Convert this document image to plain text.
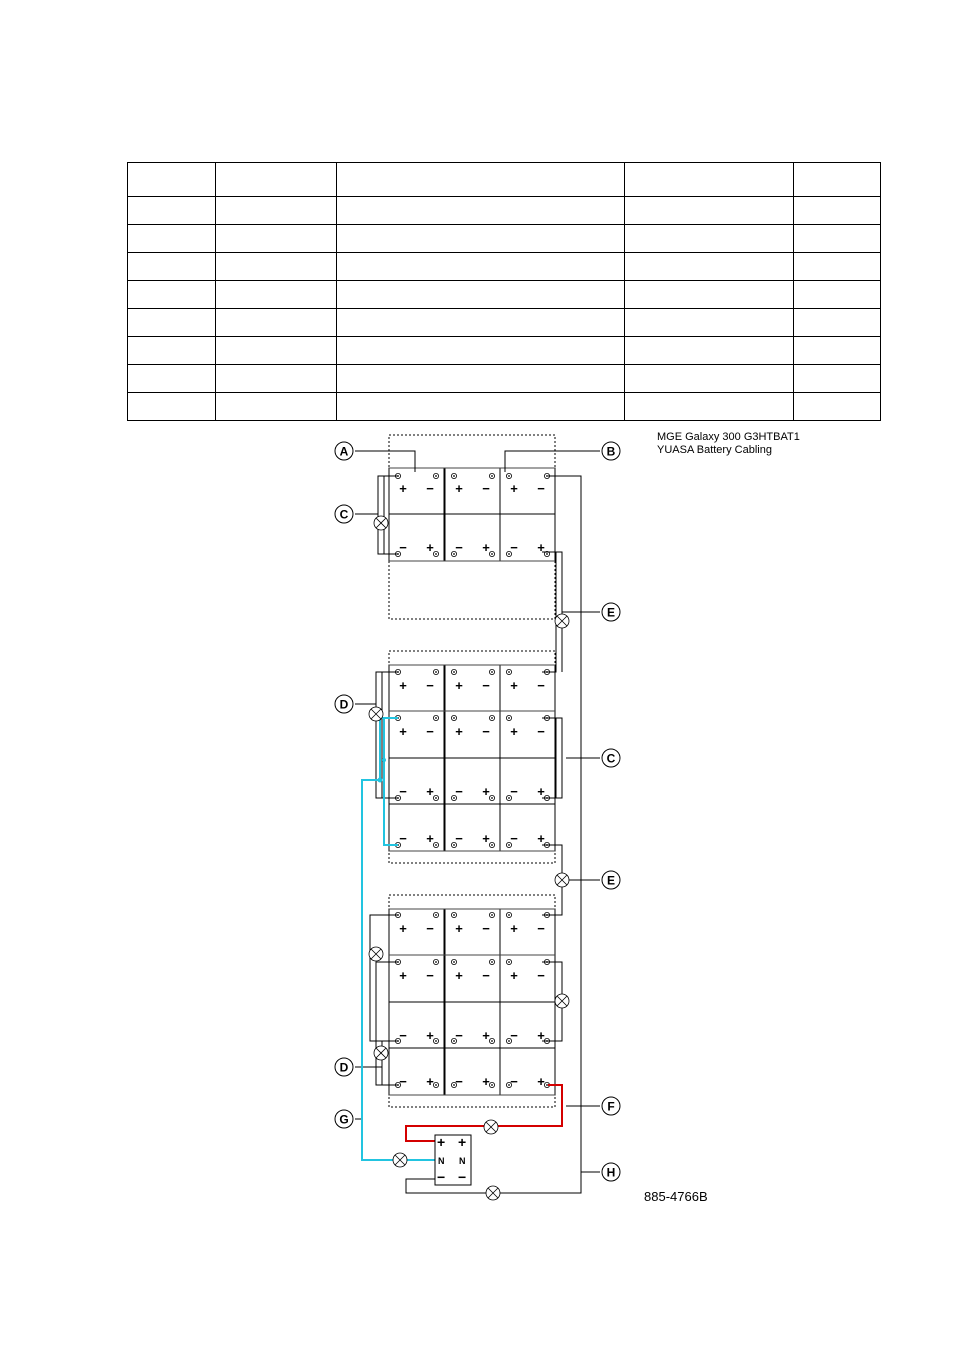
MGE Galaxy 300 G3HTBAT1
YUASA Battery Cabling
885-4766B
+ − + − + −
− + − + − +
+ − + − + −
+ − + − + −
− + − + − +
− + − + − +
+ − + − + −
+ − + − + −
− + − + − +
− + − + − +
+ +
N N
− −
A	B
C
E
D
C
E
D
F
G
H
